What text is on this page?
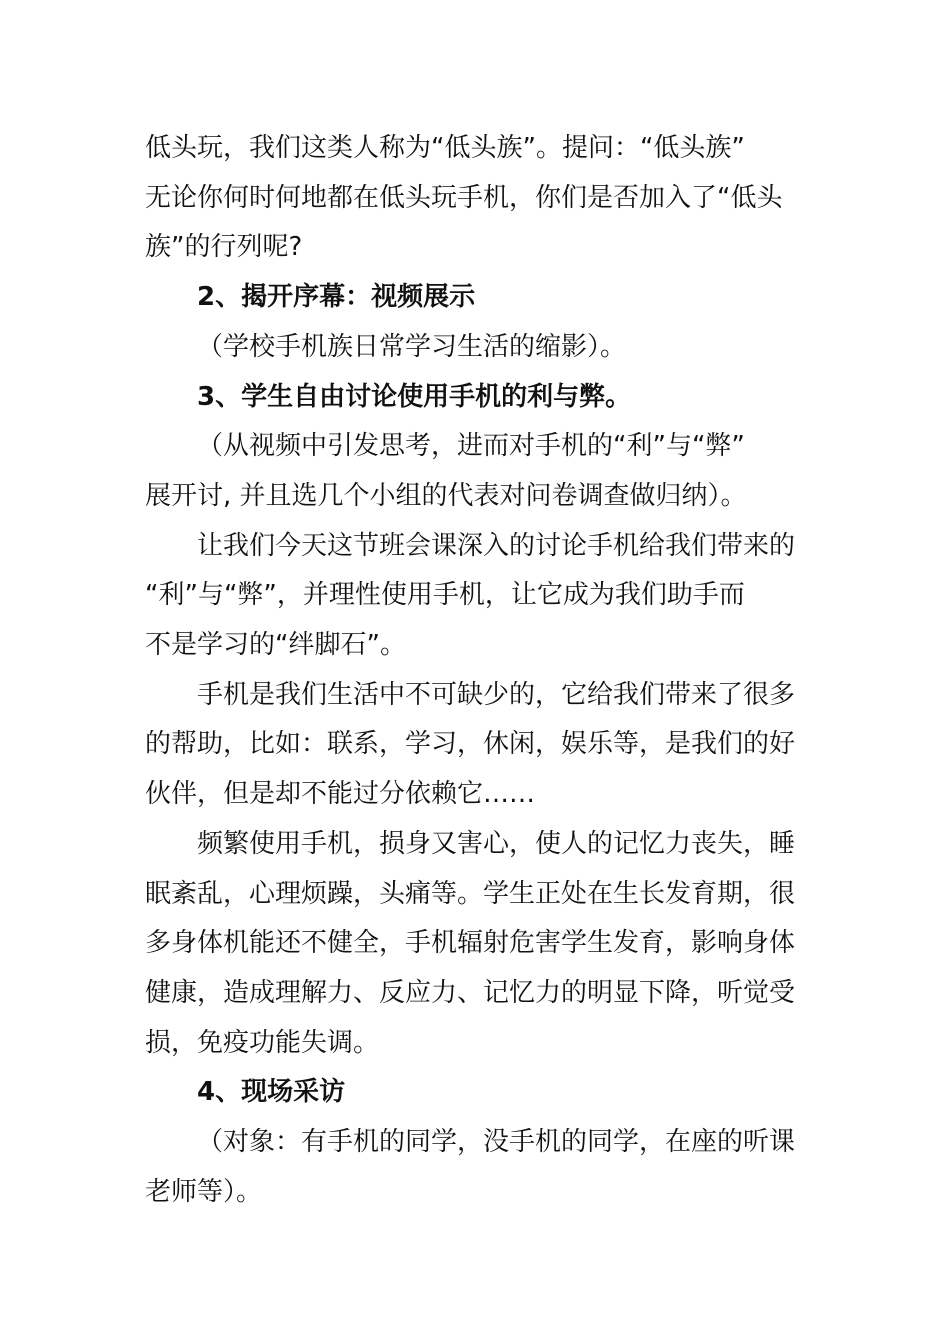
低头玩，我们这类人称为“低头族”。提问：“低头族”
无论你何时何地都在低头玩手机，你们是否加入了“低头
族”的行列呢?

2、揭开序幕：视频展示

（学校手机族日常学习生活的缩影）。

3、学生自由讨论使用手机的利与弊。

（从视频中引发思考，进而对手机的“利”与“弊”
展开讨, 并且选几个小组的代表对问卷调查做归纳）。

让我们今天这节班会课深入的讨论手机给我们带来的
“利”与“弊”，并理性使用手机，让它成为我们助手而
不是学习的“绊脚石”。

手机是我们生活中不可缺少的，它给我们带来了很多
的帮助，比如：联系，学习，休闲，娱乐等，是我们的好
伙伴，但是却不能过分依赖它……

频繁使用手机，损身又害心，使人的记忆力丧失，睡
眠紊乱，心理烦躁，头痛等。学生正处在生长发育期，很
多身体机能还不健全，手机辐射危害学生发育，影响身体
健康，造成理解力、反应力、记忆力的明显下降，听觉受
损，免疫功能失调。

4、现场采访

（对象：有手机的同学，没手机的同学，在座的听课
老师等）。
